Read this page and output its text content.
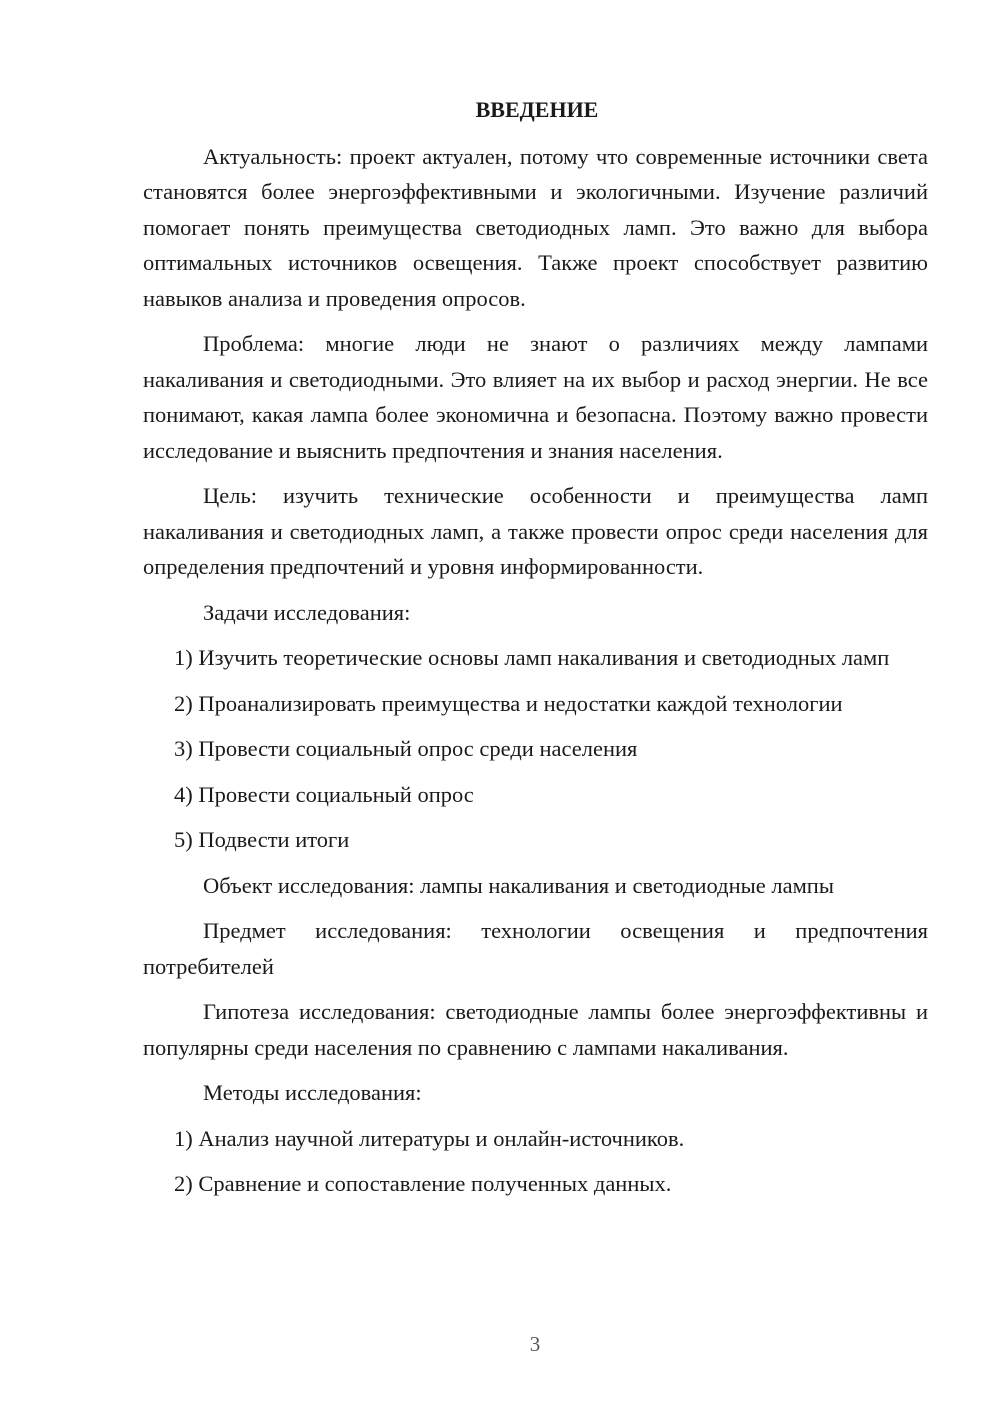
ВВЕДЕНИЕ

Актуальность: проект актуален, потому что современные источники света становятся более энергоэффективными и экологичными. Изучение различий помогает понять преимущества светодиодных ламп. Это важно для выбора оптимальных источников освещения. Также проект способствует развитию навыков анализа и проведения опросов.

Проблема: многие люди не знают о различиях между лампами накаливания и светодиодными. Это влияет на их выбор и расход энергии. Не все понимают, какая лампа более экономична и безопасна. Поэтому важно провести исследование и выяснить предпочтения и знания населения.

Цель: изучить технические особенности и преимущества ламп накаливания и светодиодных ламп, а также провести опрос среди населения для определения предпочтений и уровня информированности.

Задачи исследования:

1) Изучить теоретические основы ламп накаливания и светодиодных ламп

2) Проанализировать преимущества и недостатки каждой технологии

3) Провести социальный опрос среди населения

4) Провести социальный опрос

5) Подвести итоги

Объект исследования: лампы накаливания и светодиодные лампы

Предмет исследования: технологии освещения и предпочтения потребителей

Гипотеза исследования: светодиодные лампы более энергоэффективны и популярны среди населения по сравнению с лампами накаливания.

Методы исследования:

1) Анализ научной литературы и онлайн-источников.

2) Сравнение и сопоставление полученных данных.

3
